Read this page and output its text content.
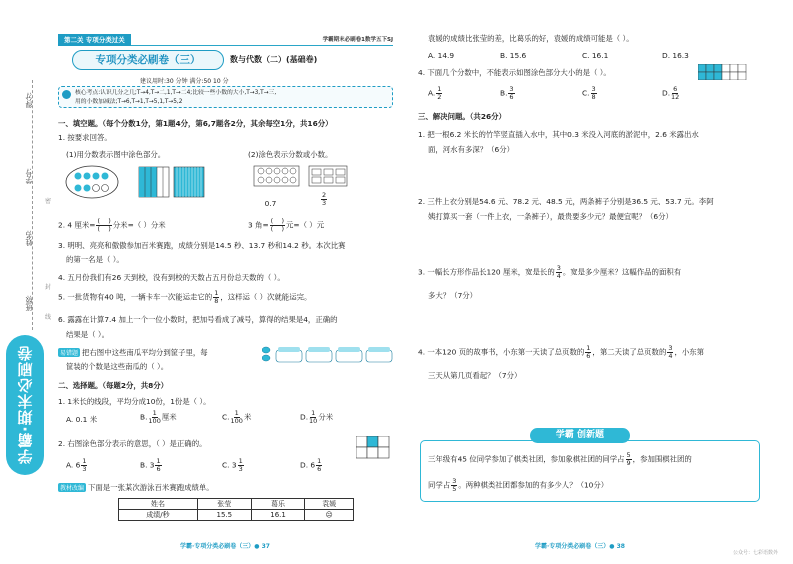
得分:
学号:
姓名:
班级:
密
封
线
学霸·期末必刷卷
第二关 专项分类过关	学霸期末必刷卷1数学五下SJ
专项分类必刷卷（三）	数与代数（二）(基础卷)
建议用时:30 分钟 满分:50 10 分
核心考点:认识几分之几;T→4,T→二,1,T→二4;比较一些小数的大小,T→3,T→三,
用的小数加减法;T→6,T→1,T→5,1,T→5,2
一、填空题。（每个分数1分，第1题4分，第6,7题各2分，其余每空1分，共16分）
1. 按要求回答。
(1)用分数表示图中涂色部分。	(2)涂色表示分数或小数。
0.7	$\frac{2}{3}$
2. 4 厘米= (    )
(    ) 分米=（ ）分米	3 角= (    )
(    ) 元=（ ）元
3. 明明、亮亮和傲傲参加百米赛跑，成绩分别是14.5 秒、13.7 秒和14.2 秒。本次比赛
的第一名是（ ）。
4. 五月份我们有26 天到校，没有到校的天数占五月份总天数的（ ）。
5. 一批货物有40 吨，一辆卡车一次能运走它的 $\frac{1}{8}$ ，这样运（ ）次就能运完。
6. 露露在计算7.4 加上一个一位小数时，把加号看成了减号，算得的结果是4，正确的
结果是（ ）。
易错题 把右图中这些南瓜平均分到筐子里，每
筐装的个数是这些南瓜的（ ）。
二、选择题。（每题2分，共8分）
1. 1米长的线段，平均分成10份，1份是（ ）。
A. 0.1 米	B. $\frac{1}{100}$ 厘米	C. $\frac{1}{100}$ 米	D. $\frac{1}{10}$ 分米
2. 右图涂色部分表示的意思，（ ）是正确的。
A. $6 \frac{1}{3}$	B. $3 \frac{1}{6}$	C. $3 \frac{1}{3}$	D. $6 \frac{1}{6}$
教材改编 下面是一张某次游泳百米赛跑成绩单。
姓名	张莹	葛乐	袁媛
成绩/秒	15.5	16.1	☹
学霸·专项分类必刷卷（三）● 37
袁媛的成绩比张莹的差，比葛乐的好，袁媛的成绩可能是（ ）。
A. 14.9	B. 15.6	C. 16.1	D. 16.3
4. 下面几个分数中，不能表示如图涂色部分大小的是（ ）。
A. $\frac{1}{2}$	B. $\frac{3}{6}$	C. $\frac{3}{8}$	D. $\frac{6}{12}$
三、解决问题。（共26分）
1. 把一根6.2 米长的竹竿竖直插入水中，其中0.3 米没入河底的淤泥中，2.6 米露出水
面，河水有多深？（6分）
2. 三件上衣分别是54.6 元、78.2 元、48.5 元，两条裤子分别是36.5 元、53.7 元。李阿
姨打算买一套（一件上衣，一条裤子），最贵要多少元？最便宜呢？（6分）
3. 一幅长方形作品长120 厘米，宽是长的 $\frac{3}{4}$ 。宽是多少厘米？这幅作品的面积有
多大？（7分）
4. 一本120 页的故事书，小东第一天读了总页数的 $\frac{1}{6}$ ，第二天读了总页数的 $\frac{3}{4}$ ，小东第
三天从第几页看起？（7分）
学霸 创新题
三年级有45 位同学参加了棋类社团，参加象棋社团的同学占 $\frac{5}{9}$ ，参加围棋社团的
同学占 $\frac{3}{5}$ 。两种棋类社团都参加的有多少人？（10分）
学霸·专项分类必刷卷（三）● 38
公众号：七彩语数外
